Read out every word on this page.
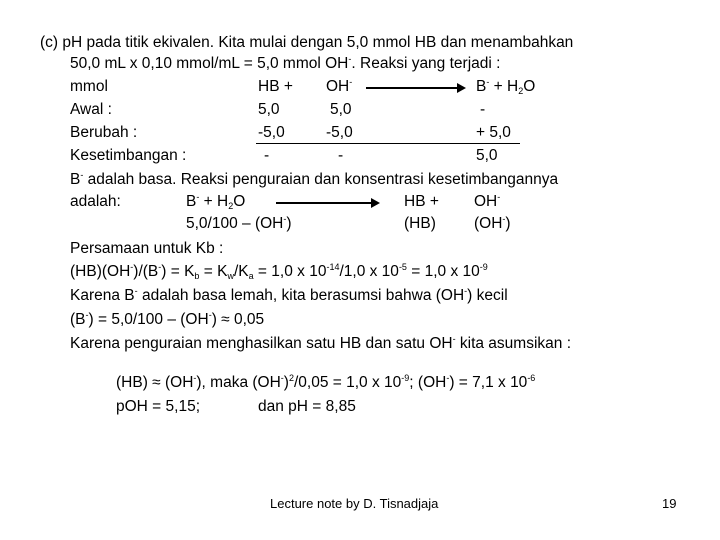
(c) pH pada titik ekivalen. Kita mulai dengan 5,0 mmol HB dan menambahkan
50,0 mL x 0,10 mmol/mL = 5,0 mmol OH-. Reaksi yang terjadi :
mmol	HB + OH-	$B^- + H_2O$
Awal :	5,0	5,0	-
Berubah :	-5,0	-5,0	+ 5,0
Kesetimbangan :	-	-	5,0
B- adalah basa. Reaksi penguraian dan konsentrasi kesetimbangannya
adalah:	$B^- + H_2O$	HB + OH-
5,0/100 – (OH-)	(HB) (OH-)
Persamaan untuk Kb :
$(HB)(OH^-)/(B^-) = K_b = K_w/K_a = 1,0$ x $10^{-14}/1,0$ x $10^{-5} = 1,0$ x $10^{-9}$
Karena B- adalah basa lemah, kita berasumsi bahwa (OH-) kecil
(B-) = 5,0/100 – (OH-) ≈ 0,05
Karena penguraian menghasilkan satu HB dan satu OH- kita asumsikan :
(HB) ≈ (OH-), maka $(OH^-)^2/0,05 = 1,0$ x $10^{-9}$; (OH-) = 7,1 x $10^{-6}$
pOH = 5,15;	dan pH = 8,85
Lecture note by D. Tisnadjaja	19
